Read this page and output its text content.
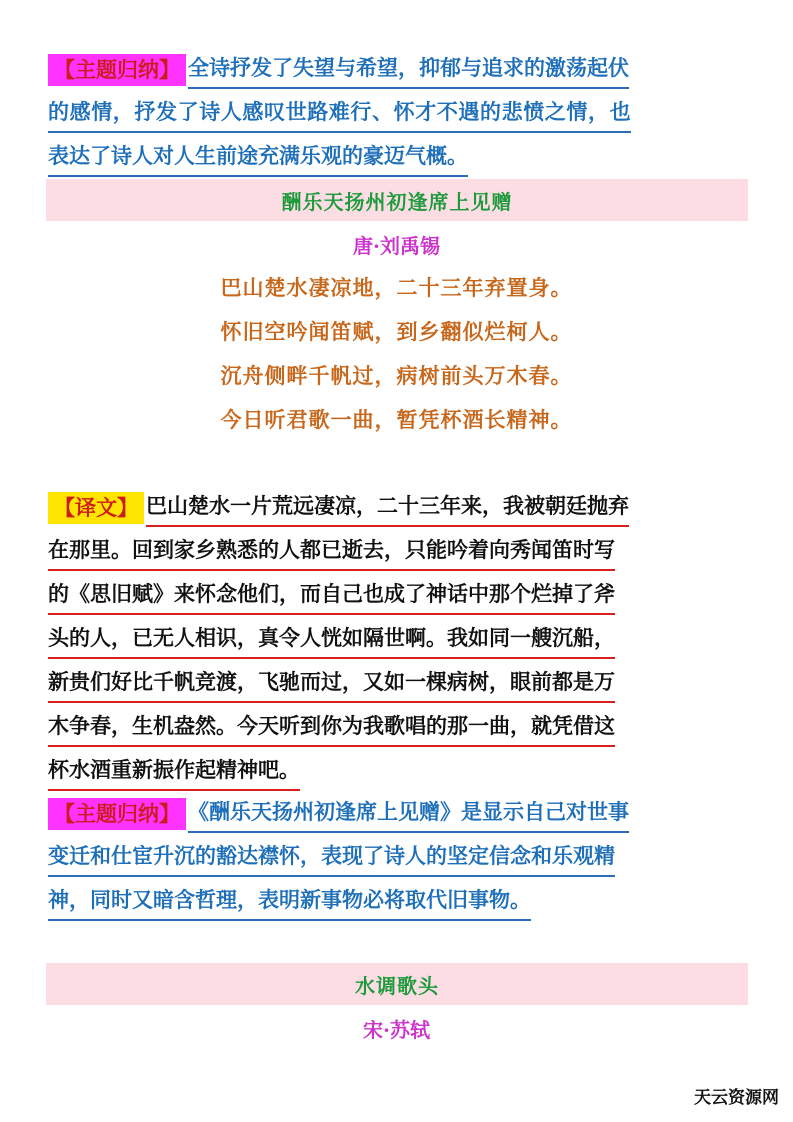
【主题归纳】 全诗抒发了失望与希望，抑郁与追求的激荡起伏
的感情，抒发了诗人感叹世路难行、怀才不遇的悲愤之情，也
表达了诗人对人生前途充满乐观的豪迈气概。
酬乐天扬州初逢席上见赠
唐·刘禹锡
巴山楚水凄凉地，二十三年弃置身。
怀旧空吟闻笛赋，到乡翻似烂柯人。
沉舟侧畔千帆过，病树前头万木春。
今日听君歌一曲，暂凭杯酒长精神。
【译文】 巴山楚水一片荒远凄凉，二十三年来，我被朝廷抛弃
在那里。回到家乡熟悉的人都已逝去，只能吟着向秀闻笛时写
的《思旧赋》来怀念他们，而自己也成了神话中那个烂掉了斧
头的人，已无人相识，真令人恍如隔世啊。我如同一艘沉船，
新贵们好比千帆竞渡，飞驰而过，又如一棵病树，眼前都是万
木争春，生机盎然。今天听到你为我歌唱的那一曲，就凭借这
杯水酒重新振作起精神吧。
【主题归纳】 《酬乐天扬州初逢席上见赠》是显示自己对世事
变迁和仕宦升沉的豁达襟怀，表现了诗人的坚定信念和乐观精
神，同时又暗含哲理，表明新事物必将取代旧事物。
水调歌头
宋·苏轼
天云资源网
